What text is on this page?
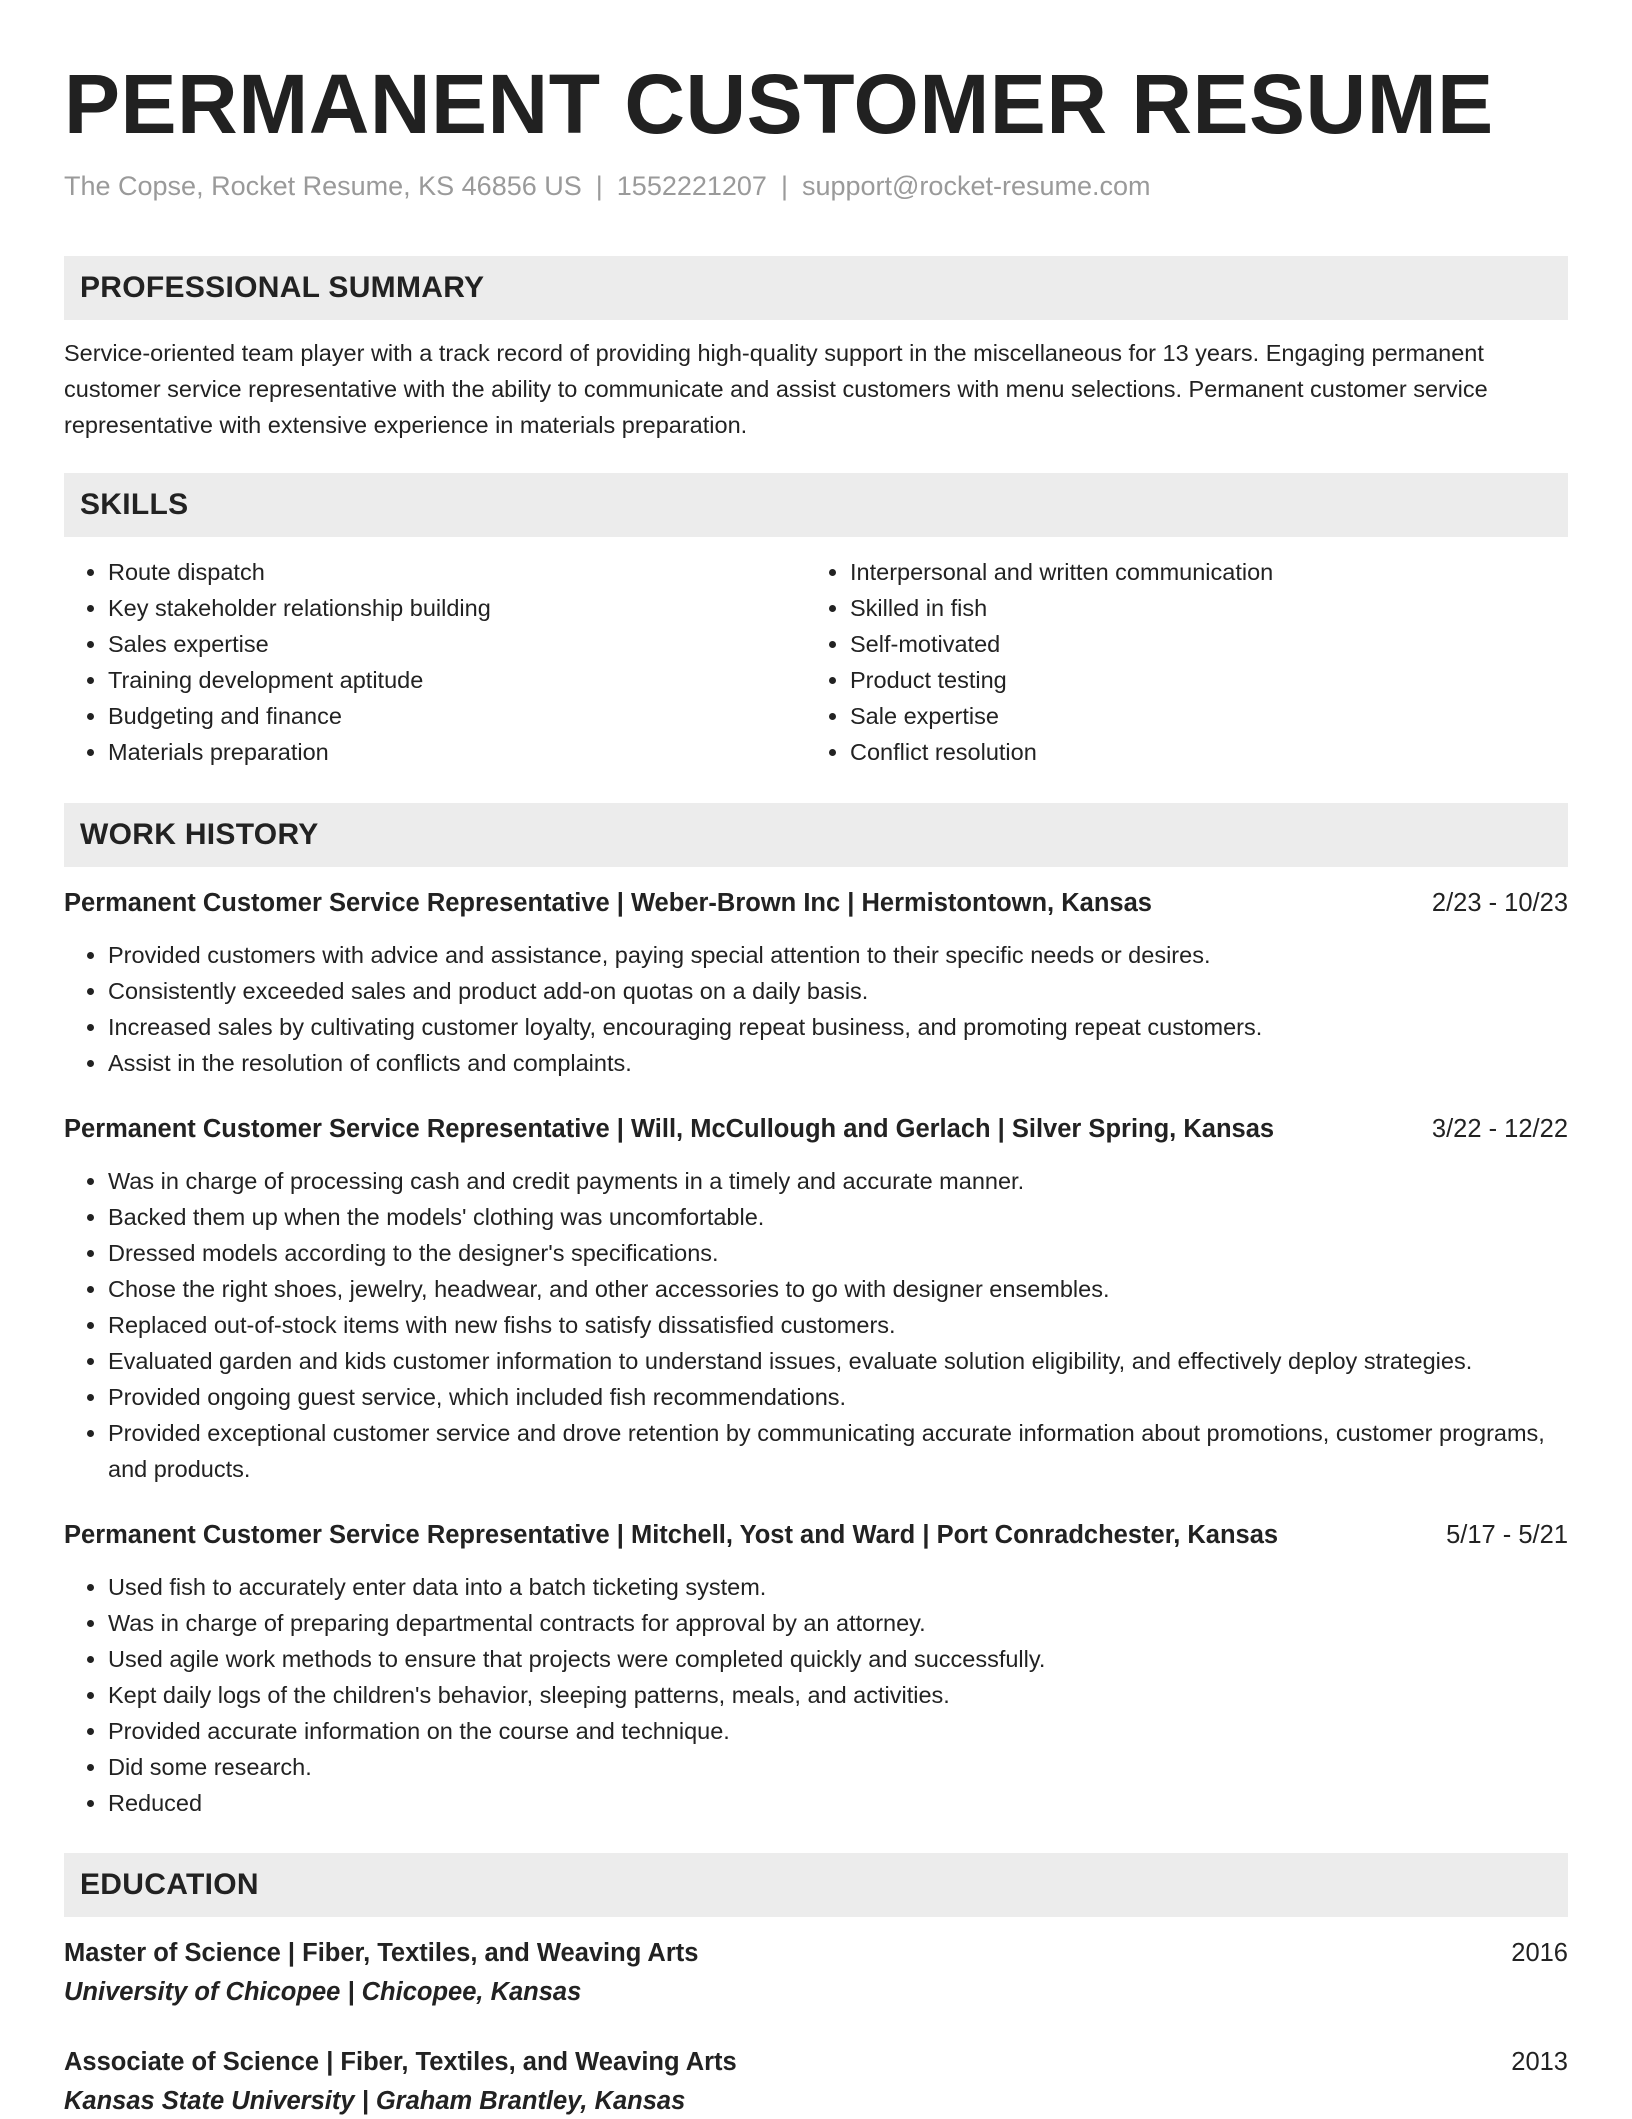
PERMANENT CUSTOMER RESUME
The Copse, Rocket Resume, KS 46856 US | 1552221207 | support@rocket-resume.com
PROFESSIONAL SUMMARY
Service-oriented team player with a track record of providing high-quality support in the miscellaneous for 13 years. Engaging permanent customer service representative with the ability to communicate and assist customers with menu selections. Permanent customer service representative with extensive experience in materials preparation.
SKILLS
• Route dispatch
• Key stakeholder relationship building
• Sales expertise
• Training development aptitude
• Budgeting and finance
• Materials preparation
• Interpersonal and written communication
• Skilled in fish
• Self-motivated
• Product testing
• Sale expertise
• Conflict resolution
WORK HISTORY
Permanent Customer Service Representative | Weber-Brown Inc | Hermistontown, Kansas	2/23 - 10/23
• Provided customers with advice and assistance, paying special attention to their specific needs or desires.
• Consistently exceeded sales and product add-on quotas on a daily basis.
• Increased sales by cultivating customer loyalty, encouraging repeat business, and promoting repeat customers.
• Assist in the resolution of conflicts and complaints.
Permanent Customer Service Representative | Will, McCullough and Gerlach | Silver Spring, Kansas	3/22 - 12/22
• Was in charge of processing cash and credit payments in a timely and accurate manner.
• Backed them up when the models' clothing was uncomfortable.
• Dressed models according to the designer's specifications.
• Chose the right shoes, jewelry, headwear, and other accessories to go with designer ensembles.
• Replaced out-of-stock items with new fishs to satisfy dissatisfied customers.
• Evaluated garden and kids customer information to understand issues, evaluate solution eligibility, and effectively deploy strategies.
• Provided ongoing guest service, which included fish recommendations.
• Provided exceptional customer service and drove retention by communicating accurate information about promotions, customer programs, and products.
Permanent Customer Service Representative | Mitchell, Yost and Ward | Port Conradchester, Kansas	5/17 - 5/21
• Used fish to accurately enter data into a batch ticketing system.
• Was in charge of preparing departmental contracts for approval by an attorney.
• Used agile work methods to ensure that projects were completed quickly and successfully.
• Kept daily logs of the children's behavior, sleeping patterns, meals, and activities.
• Provided accurate information on the course and technique.
• Did some research.
• Reduced
EDUCATION
Master of Science | Fiber, Textiles, and Weaving Arts	2016
University of Chicopee | Chicopee, Kansas
Associate of Science | Fiber, Textiles, and Weaving Arts	2013
Kansas State University | Graham Brantley, Kansas
